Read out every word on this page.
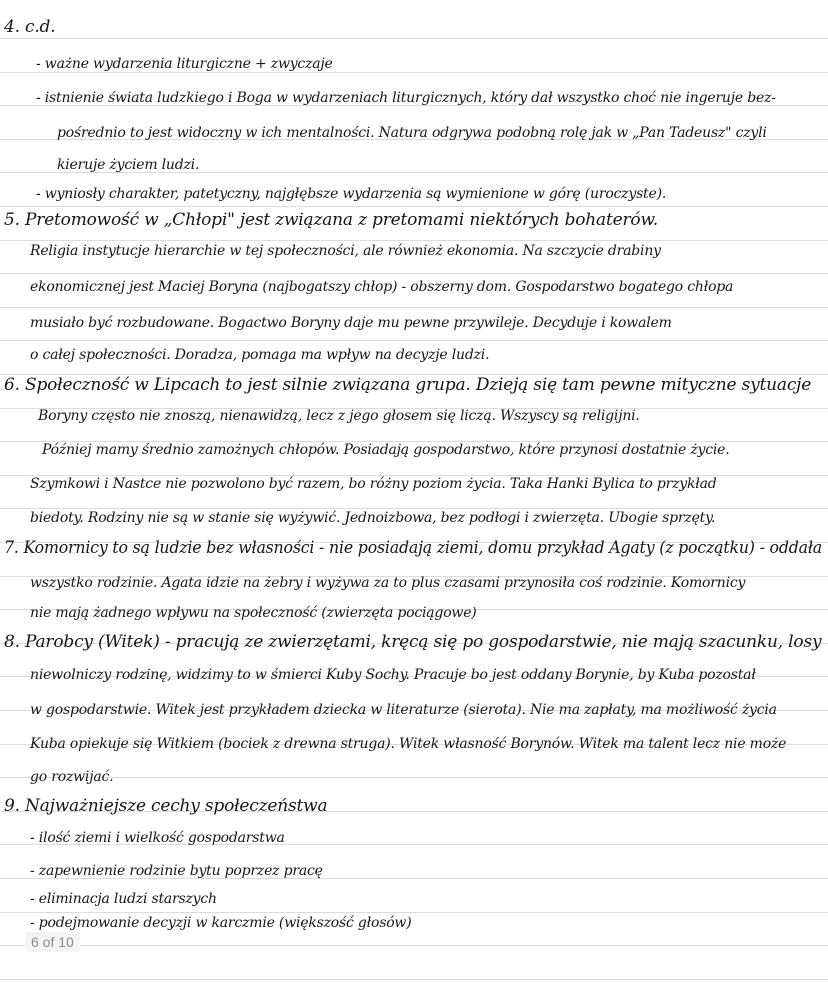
4. c.d.
- ważne wydarzenia liturgiczne + zwyczaje
- istnienie świata ludzkiego i Boga w wydarzeniach liturgicznych, który dał wszystko choć nie ingeruje bez-
pośrednio to jest widoczny w ich mentalności. Natura odgrywa podobną rolę jak w „Pan Tadeusz" czyli
kieruje życiem ludzi.
- wyniosły charakter, patetyczny, najgłębsze wydarzenia są wymienione w górę (uroczyste).
5. Pretomowość w „Chłopi" jest związana z pretomami niektórych bohaterów.
Religia instytucje hierarchie w tej społeczności, ale również ekonomia. Na szczycie drabiny
ekonomicznej jest Maciej Boryna (najbogatszy chłop) - obszerny dom. Gospodarstwo bogatego chłopa
musiało być rozbudowane. Bogactwo Boryny daje mu pewne przywileje. Decyduje i kowalem
o całej społeczności. Doradza, pomaga ma wpływ na decyzje ludzi.
6. Społeczność w Lipcach to jest silnie związana grupa. Dzieją się tam pewne mityczne sytuacje
Boryny często nie znoszą, nienawidzą, lecz z jego głosem się liczą. Wszyscy są religijni.
Później mamy średnio zamożnych chłopów. Posiadają gospodarstwo, które przynosi dostatnie życie.
Szymkowi i Nastce nie pozwolono być razem, bo różny poziom życia. Taka Hanki Bylica to przykład
biedoty. Rodziny nie są w stanie się wyżywić. Jednoizbowa, bez podłogi i zwierzęta. Ubogie sprzęty.
7. Komornicy to są ludzie bez własności - nie posiadają ziemi, domu przykład Agaty (z początku) - oddała
wszystko rodzinie. Agata idzie na żebry i wyżywa za to plus czasami przynosiła coś rodzinie. Komornicy
nie mają żadnego wpływu na społeczność (zwierzęta pociągowe)
8. Parobcy (Witek) - pracują ze zwierzętami, kręcą się po gospodarstwie, nie mają szacunku, losy
niewolniczy rodzinę, widzimy to w śmierci Kuby Sochy. Pracuje bo jest oddany Borynie, by Kuba pozostał
w gospodarstwie. Witek jest przykładem dziecka w literaturze (sierota). Nie ma zapłaty, ma możliwość życia
Kuba opiekuje się Witkiem (bociek z drewna struga). Witek własność Borynów. Witek ma talent lecz nie może
go rozwijać.
9. Najważniejsze cechy społeczeństwa
- ilość ziemi i wielkość gospodarstwa
- zapewnienie rodzinie bytu poprzez pracę
- eliminacja ludzi starszych
- podejmowanie decyzji w karczmie (większość głosów)
6 of 10
